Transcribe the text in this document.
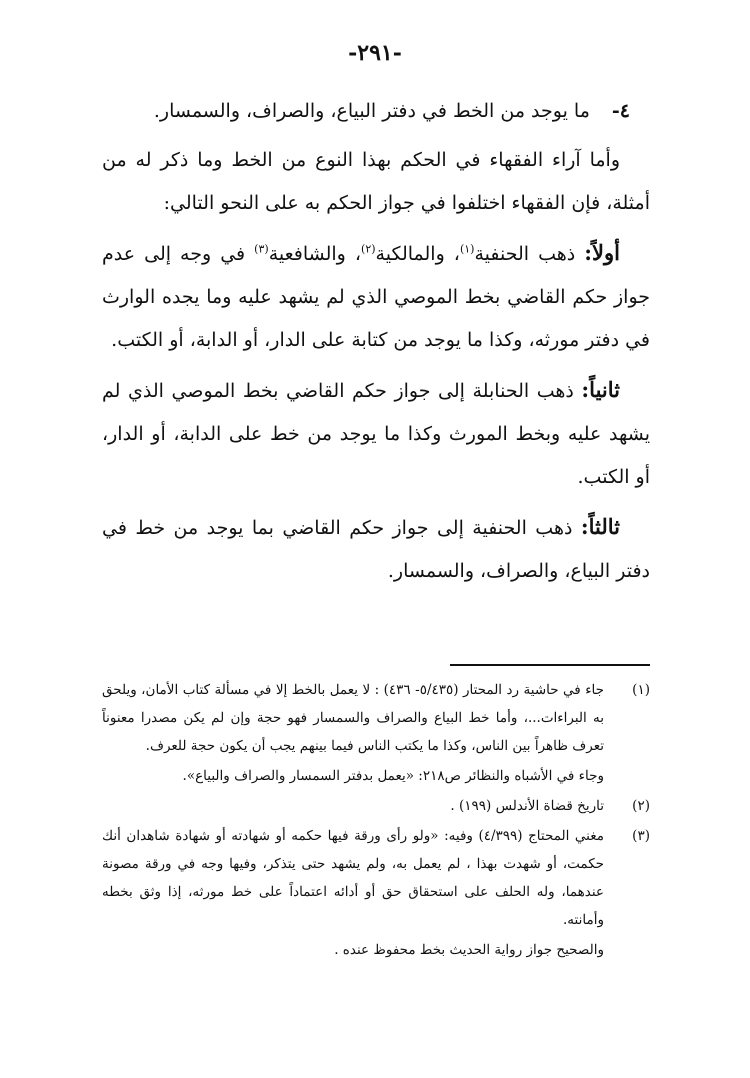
-٢٩١-

٤-ما يوجد من الخط في دفتر البياع، والصراف، والسمسار.

وأما آراء الفقهاء في الحكم بهذا النوع من الخط وما ذكر له من أمثلة، فإن الفقهاء اختلفوا في جواز الحكم به على النحو التالي:

أولاً: ذهب الحنفية$^{(١)}$، والمالكية$^{(٢)}$، والشافعية$^{(٣)}$ في وجه إلى عدم جواز حكم القاضي بخط الموصي الذي لم يشهد عليه وما يجده الوارث في دفتر مورثه، وكذا ما يوجد من كتابة على الدار، أو الدابة، أو الكتب.

ثانياً: ذهب الحنابلة إلى جواز حكم القاضي بخط الموصي الذي لم يشهد عليه وبخط المورث وكذا ما يوجد من خط على الدابة، أو الدار، أو الكتب.

ثالثاً: ذهب الحنفية إلى جواز حكم القاضي بما يوجد من خط في دفتر البياع، والصراف، والسمسار.

(١)
جاء في حاشية رد المحتار (٥/٤٣٥- ٤٣٦) : لا يعمل بالخط إلا في مسألة كتاب الأمان، ويلحق به البراءات...، وأما خط البياع والصراف والسمسار فهو حجة وإن لم يكن مصدرا معنوناً تعرف ظاهراً بين الناس، وكذا ما يكتب الناس فيما بينهم يجب أن يكون حجة للعرف.

وجاء في الأشباه والنظائر ص٢١٨: «يعمل بدفتر السمسار والصراف والبياع».

(٢)
تاريخ قضاة الأندلس (١٩٩) .

(٣)
مغني المحتاج (٤/٣٩٩) وفيه: «ولو رأى ورقة فيها حكمه أو شهادته أو شهادة شاهدان أنك حكمت، أو شهدت بهذا ، لم يعمل به، ولم يشهد حتى يتذكر، وفيها وجه في ورقة مصونة عندهما، وله الحلف على استحقاق حق أو أدائه اعتماداً على خط مورثه، إذا وثق بخطه وأمانته.

والصحيح جواز رواية الحديث بخط محفوظ عنده .
